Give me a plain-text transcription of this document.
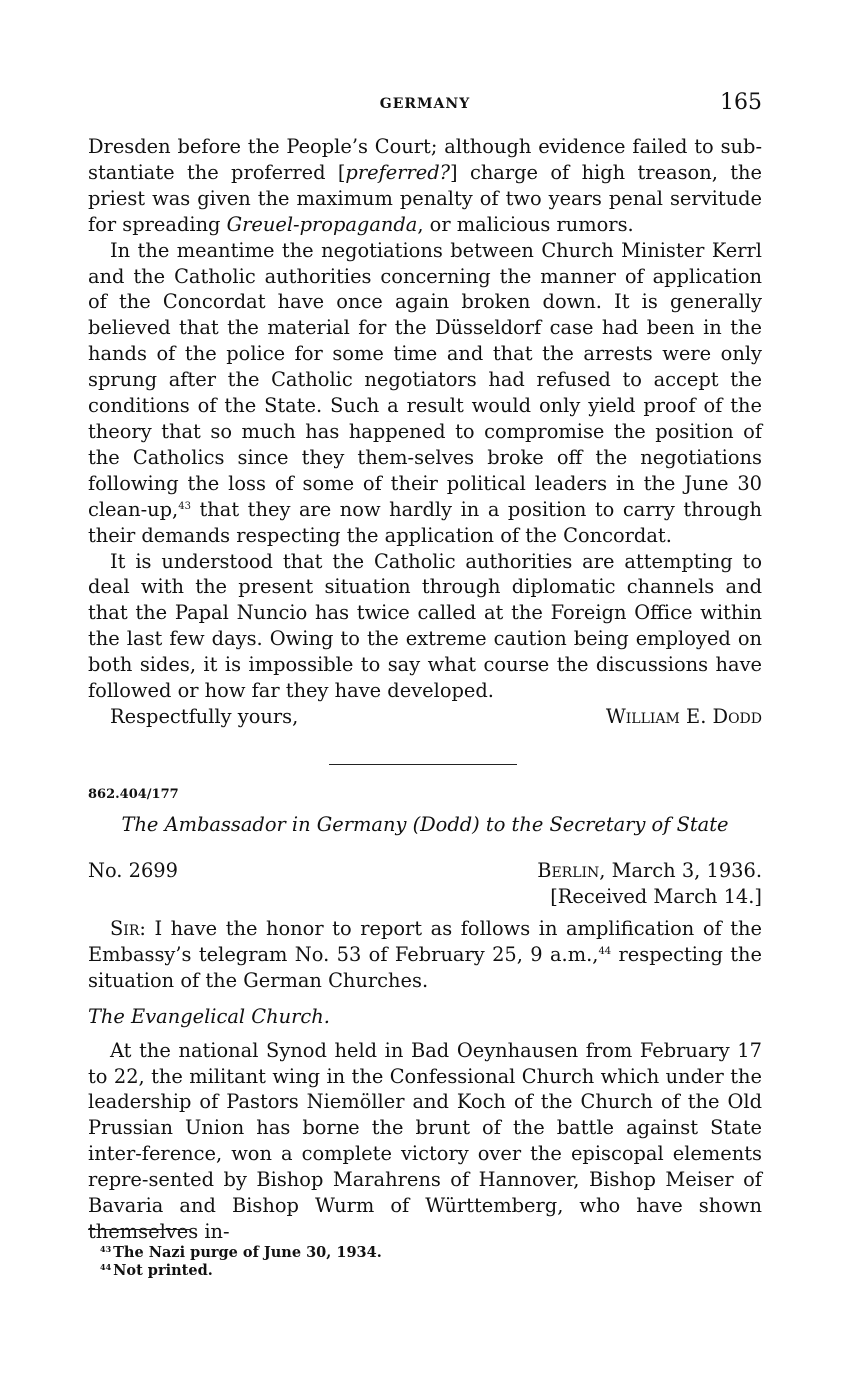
GERMANY	165

Dresden before the People’s Court; although evidence failed to sub-stantiate the proferred [preferred?] charge of high treason, the priest was given the maximum penalty of two years penal servitude for spreading Greuel-propaganda, or malicious rumors.

In the meantime the negotiations between Church Minister Kerrl and the Catholic authorities concerning the manner of application of the Concordat have once again broken down. It is generally believed that the material for the Düsseldorf case had been in the hands of the police for some time and that the arrests were only sprung after the Catholic negotiators had refused to accept the conditions of the State. Such a result would only yield proof of the theory that so much has happened to compromise the position of the Catholics since they them-selves broke off the negotiations following the loss of some of their political leaders in the June 30 clean-up,$^{43}$ that they are now hardly in a position to carry through their demands respecting the application of the Concordat.

It is understood that the Catholic authorities are attempting to deal with the present situation through diplomatic channels and that the Papal Nuncio has twice called at the Foreign Office within the last few days. Owing to the extreme caution being employed on both sides, it is impossible to say what course the discussions have followed or how far they have developed.

Respectfully yours,	William E. Dodd
862.404/177
The Ambassador in Germany (Dodd) to the Secretary of State
No. 2699	Berlin, March 3, 1936.
[Received March 14.]

Sir: I have the honor to report as follows in amplification of the Embassy’s telegram No. 53 of February 25, 9 a.m.,$^{44}$ respecting the situation of the German Churches.

The Evangelical Church.

At the national Synod held in Bad Oeynhausen from February 17 to 22, the militant wing in the Confessional Church which under the leadership of Pastors Niemöller and Koch of the Church of the Old Prussian Union has borne the brunt of the battle against State inter-ference, won a complete victory over the episcopal elements repre-sented by Bishop Marahrens of Hannover, Bishop Meiser of Bavaria and Bishop Wurm of Württemberg, who have shown themselves in-

$^{43}$ The Nazi purge of June 30, 1934.
$^{44}$ Not printed.
